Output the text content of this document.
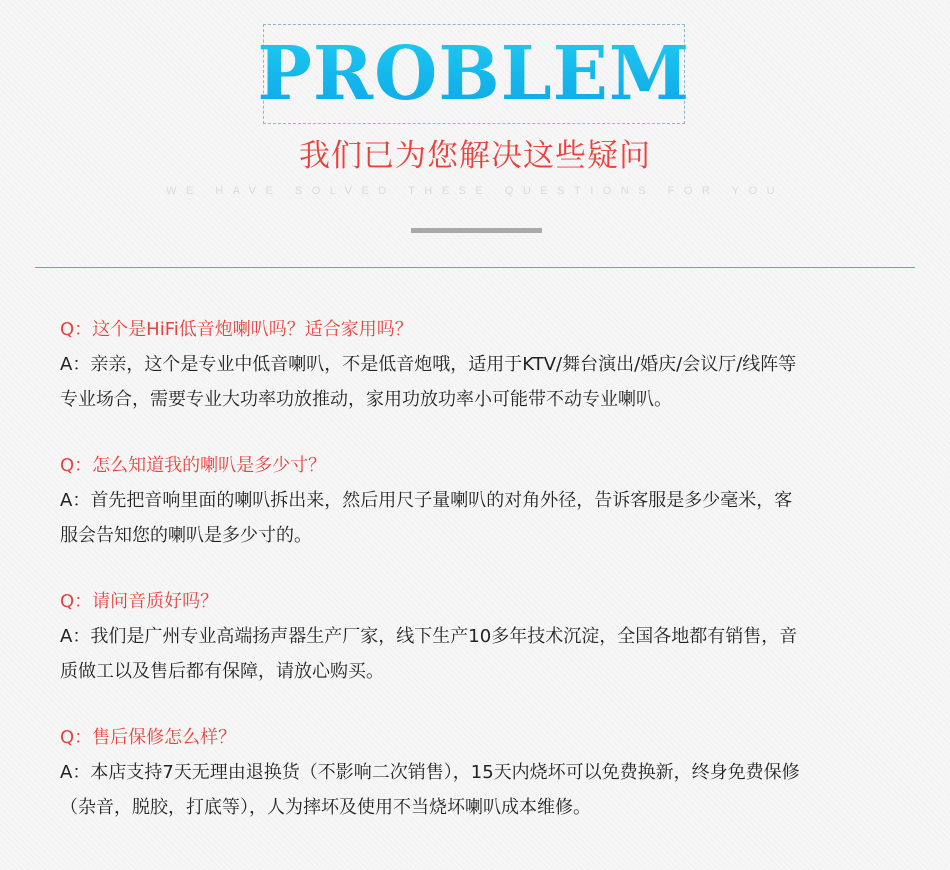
PROBLEM
我们已为您解决这些疑问
WE HAVE SOLVED THESE QUESTIONS FOR YOU
Q：这个是HiFi低音炮喇叭吗？适合家用吗？
A：亲亲，这个是专业中低音喇叭，不是低音炮哦，适用于KTV/舞台演出/婚庆/会议厅/线阵等
专业场合，需要专业大功率功放推动，家用功放功率小可能带不动专业喇叭。
Q：怎么知道我的喇叭是多少寸？
A：首先把音响里面的喇叭拆出来，然后用尺子量喇叭的对角外径，告诉客服是多少毫米，客
服会告知您的喇叭是多少寸的。
Q：请问音质好吗？
A：我们是广州专业高端扬声器生产厂家，线下生产10多年技术沉淀，全国各地都有销售，音
质做工以及售后都有保障，请放心购买。
Q：售后保修怎么样？
A：本店支持7天无理由退换货（不影响二次销售），15天内烧坏可以免费换新，终身免费保修
（杂音，脱胶，打底等），人为摔坏及使用不当烧坏喇叭成本维修。
